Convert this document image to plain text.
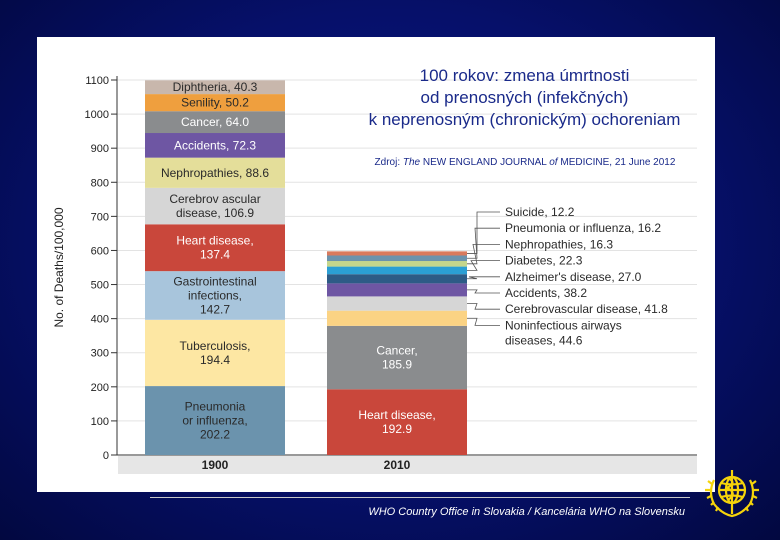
0
100
200
300
400
500
600
700
800
900
1000
1100
No. of Deaths/100,000
Pneumonia
or influenza,
202.2
Tuberculosis,
194.4
Gastrointestinal
infections,
142.7
Heart disease,
137.4
Cerebrov ascular
disease, 106.9
Nephropathies, 88.6
Accidents, 72.3
Cancer, 64.0
Senility, 50.2
Diphtheria, 40.3
1900
Heart disease,
192.9
Cancer,
185.9
2010
Suicide, 12.2
Pneumonia or influenza, 16.2
Nephropathies, 16.3
Diabetes, 22.3
Alzheimer's disease, 27.0
Accidents, 38.2
Cerebrovascular disease, 41.8
Noninfectious airways
diseases, 44.6
100 rokov: zmena úmrtnosti
od prenosných (infekčných)
k neprenosným (chronickým) ochoreniam
Zdroj: The NEW ENGLAND JOURNAL of MEDICINE, 21 June 2012
WHO Country Office in Slovakia / Kancelária WHO na Slovensku
